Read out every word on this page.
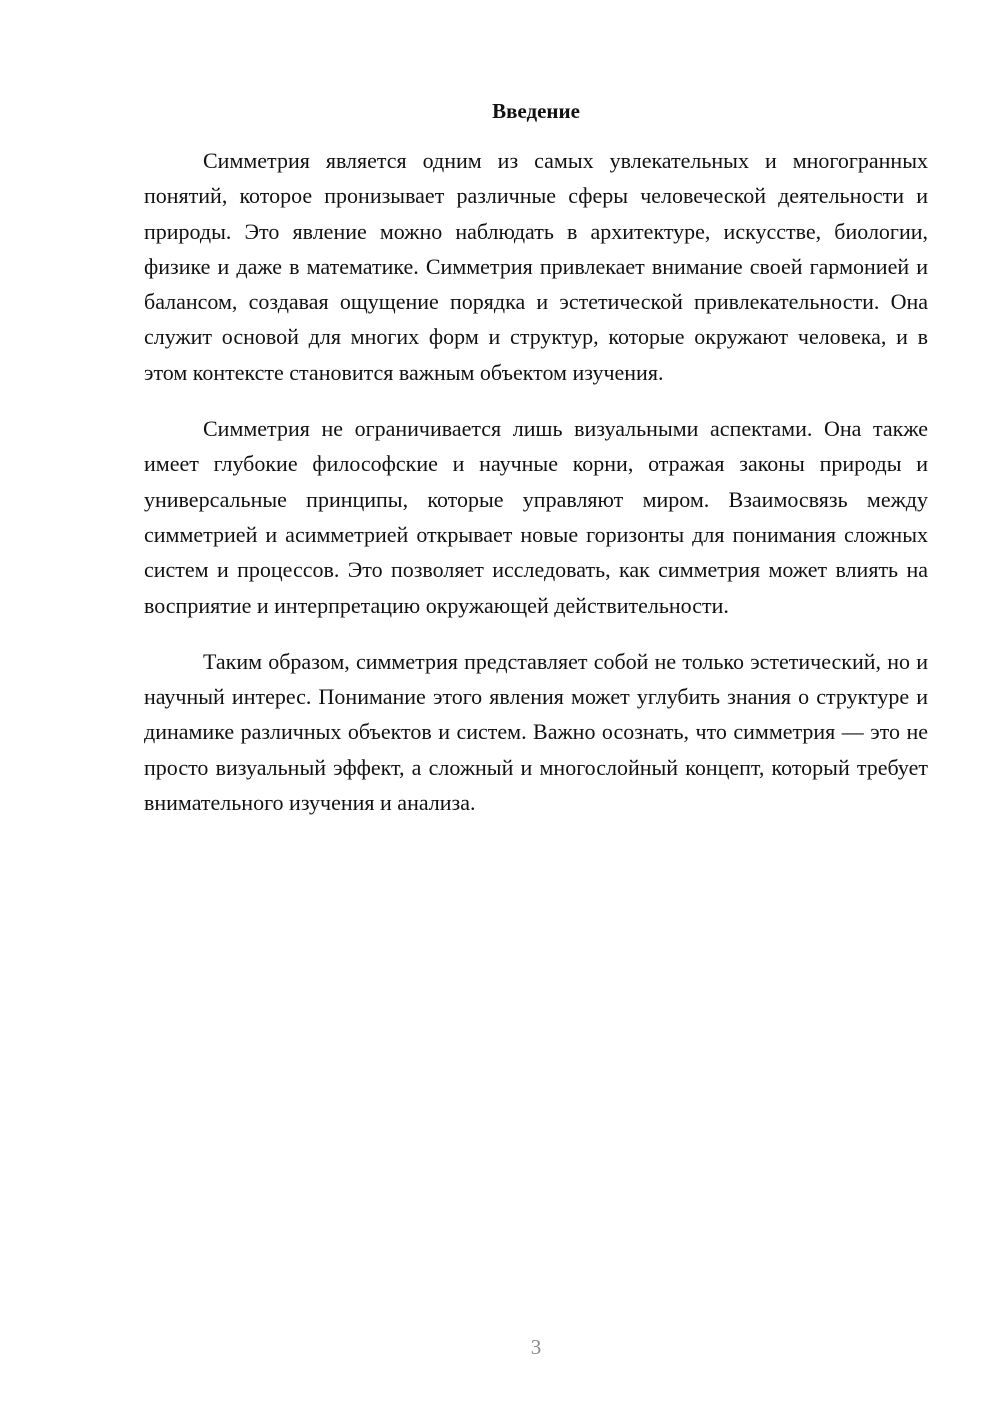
Введение

Симметрия является одним из самых увлекательных и многогранных понятий, которое пронизывает различные сферы человеческой деятельности и природы. Это явление можно наблюдать в архитектуре, искусстве, биологии, физике и даже в математике. Симметрия привлекает внимание своей гармонией и балансом, создавая ощущение порядка и эстетической привлекательности. Она служит основой для многих форм и структур, которые окружают человека, и в этом контексте становится важным объектом изучения.

Симметрия не ограничивается лишь визуальными аспектами. Она также имеет глубокие философские и научные корни, отражая законы природы и универсальные принципы, которые управляют миром. Взаимосвязь между симметрией и асимметрией открывает новые горизонты для понимания сложных систем и процессов. Это позволяет исследовать, как симметрия может влиять на восприятие и интерпретацию окружающей действительности.

Таким образом, симметрия представляет собой не только эстетический, но и научный интерес. Понимание этого явления может углубить знания о структуре и динамике различных объектов и систем. Важно осознать, что симметрия — это не просто визуальный эффект, а сложный и многослойный концепт, который требует внимательного изучения и анализа.

3
